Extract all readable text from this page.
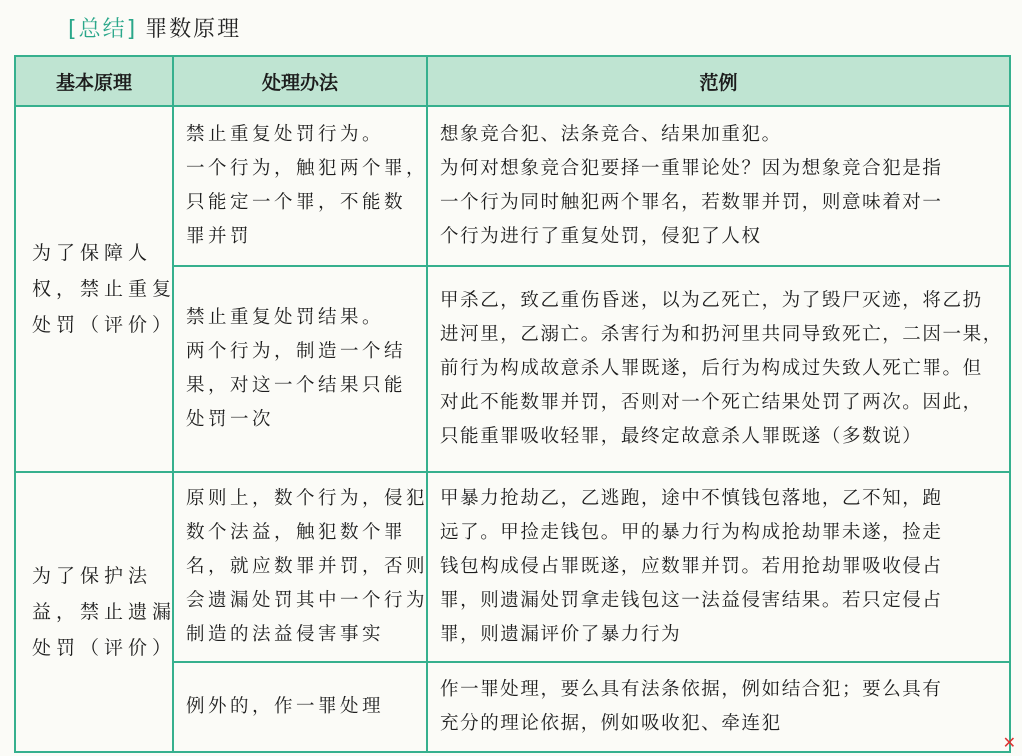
[总结] 罪数原理
基本原理	处理办法	范例

为了保障人
权，禁止重复
处罚（评价）	禁止重复处罚行为。
一个行为，触犯两个罪，
只能定一个罪，不能数
罪并罚	想象竞合犯、法条竞合、结果加重犯。
为何对想象竞合犯要择一重罪论处？因为想象竞合犯是指
一个行为同时触犯两个罪名，若数罪并罚，则意味着对一
个行为进行了重复处罚，侵犯了人权

	禁止重复处罚结果。
两个行为，制造一个结
果，对这一个结果只能
处罚一次	甲杀乙，致乙重伤昏迷，以为乙死亡，为了毁尸灭迹，将乙扔
进河里，乙溺亡。杀害行为和扔河里共同导致死亡，二因一果，
前行为构成故意杀人罪既遂，后行为构成过失致人死亡罪。但
对此不能数罪并罚，否则对一个死亡结果处罚了两次。因此，
只能重罪吸收轻罪，最终定故意杀人罪既遂（多数说）

为了保护法
益，禁止遗漏
处罚（评价）	原则上，数个行为，侵犯
数个法益，触犯数个罪
名，就应数罪并罚，否则
会遗漏处罚其中一个行为
制造的法益侵害事实	甲暴力抢劫乙，乙逃跑，途中不慎钱包落地，乙不知，跑
远了。甲捡走钱包。甲的暴力行为构成抢劫罪未遂，捡走
钱包构成侵占罪既遂，应数罪并罚。若用抢劫罪吸收侵占
罪，则遗漏处罚拿走钱包这一法益侵害结果。若只定侵占
罪，则遗漏评价了暴力行为

	例外的，作一罪处理	作一罪处理，要么具有法条依据，例如结合犯；要么具有
充分的理论依据，例如吸收犯、牵连犯
✕
